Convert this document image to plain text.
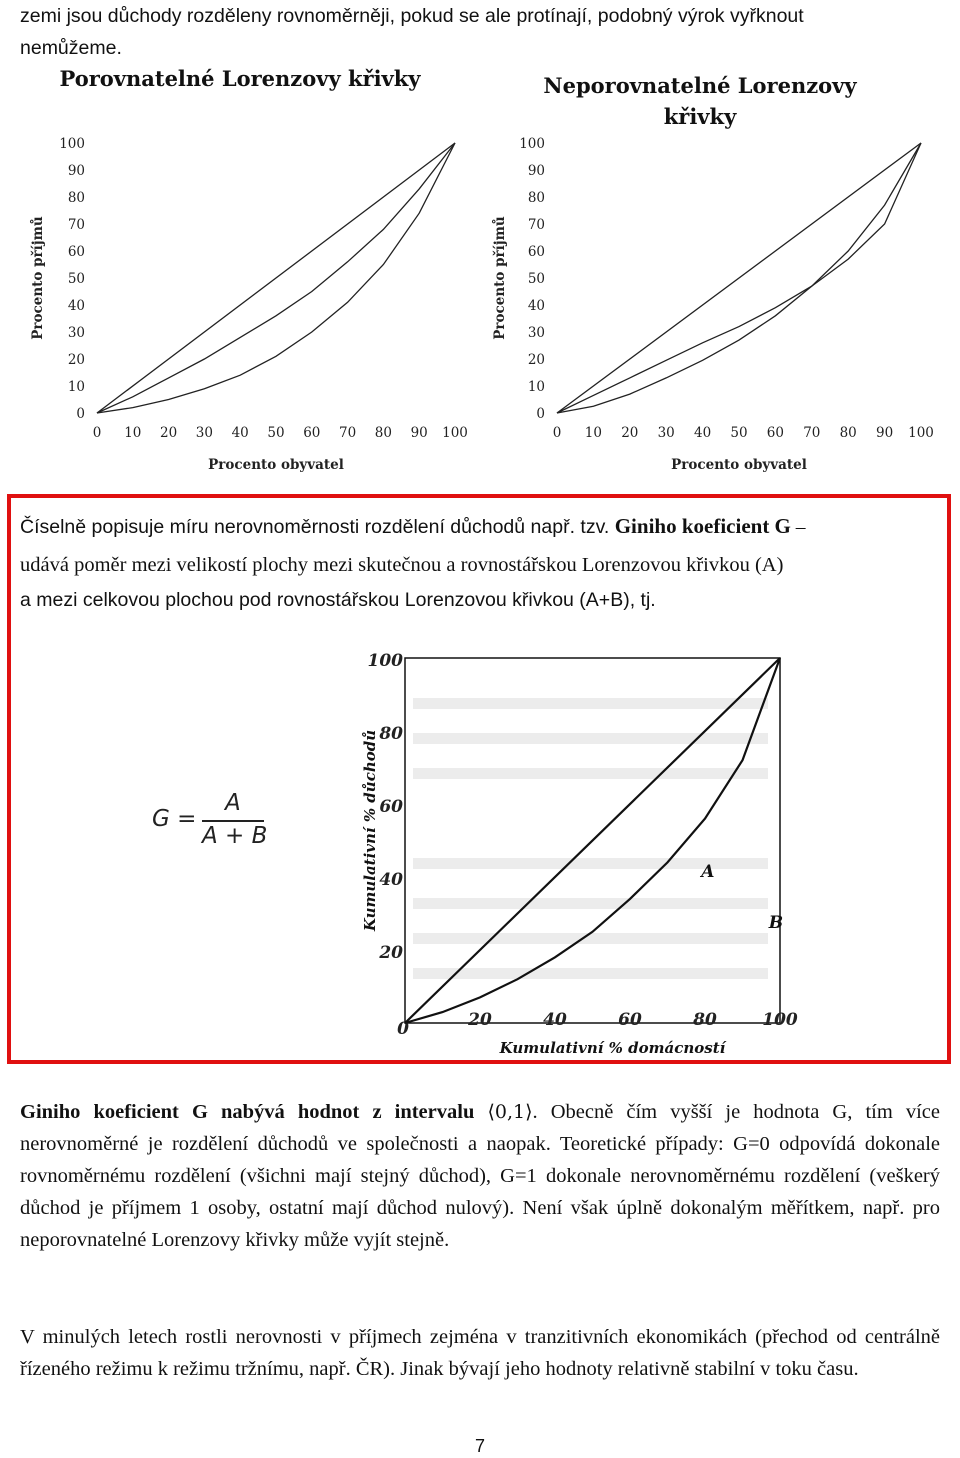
zemi jsou důchody rozděleny rovnoměrněji, pokud se ale protínají, podobný výrok vyřknout
nemůžeme.
Porovnatelné Lorenzovy křivky	Neporovnatelné Lorenzovy křivky
0 10 20 30 40 50 60 70 80 90 100
0
10
20
30
40
50
60
70
80
90
100
Procento obyvatel
Procento příjmů
0 10 20 30 40 50 60 70 80 90 100
0
10
20
30
40
50
60
70
80
90
100
Procento obyvatel
Procento příjmů
Číselně popisuje míru nerovnoměrnosti rozdělení důchodů např. tzv. Giniho koeficient G –
udává poměr mezi velikostí plochy mezi skutečnou a rovnostářskou Lorenzovou křivkou (A)
a mezi celkovou plochou pod rovnostářskou Lorenzovou křivkou (A+B), tj.
G =
A
A + B
0	20	40	60	80	100
20
40
60
80
100
A
B
Kumulativní % domácností
Kumulativní % důchodů
Giniho koeficient G nabývá hodnot z intervalu ⟨0,1⟩. Obecně čím vyšší je hodnota G, tím více nerovnoměrné je rozdělení důchodů ve společnosti a naopak. Teoretické případy: G=0 odpovídá dokonale rovnoměrnému rozdělení (všichni mají stejný důchod), G=1 dokonale nerovnoměrnému rozdělení (veškerý důchod je příjmem 1 osoby, ostatní mají důchod nulový). Není však úplně dokonalým měřítkem, např. pro neporovnatelné Lorenzovy křivky může vyjít stejně.
V minulých letech rostli nerovnosti v příjmech zejména v tranzitivních ekonomikách (přechod od centrálně řízeného režimu k režimu tržnímu, např. ČR). Jinak bývají jeho hodnoty relativně stabilní v toku času.
7
